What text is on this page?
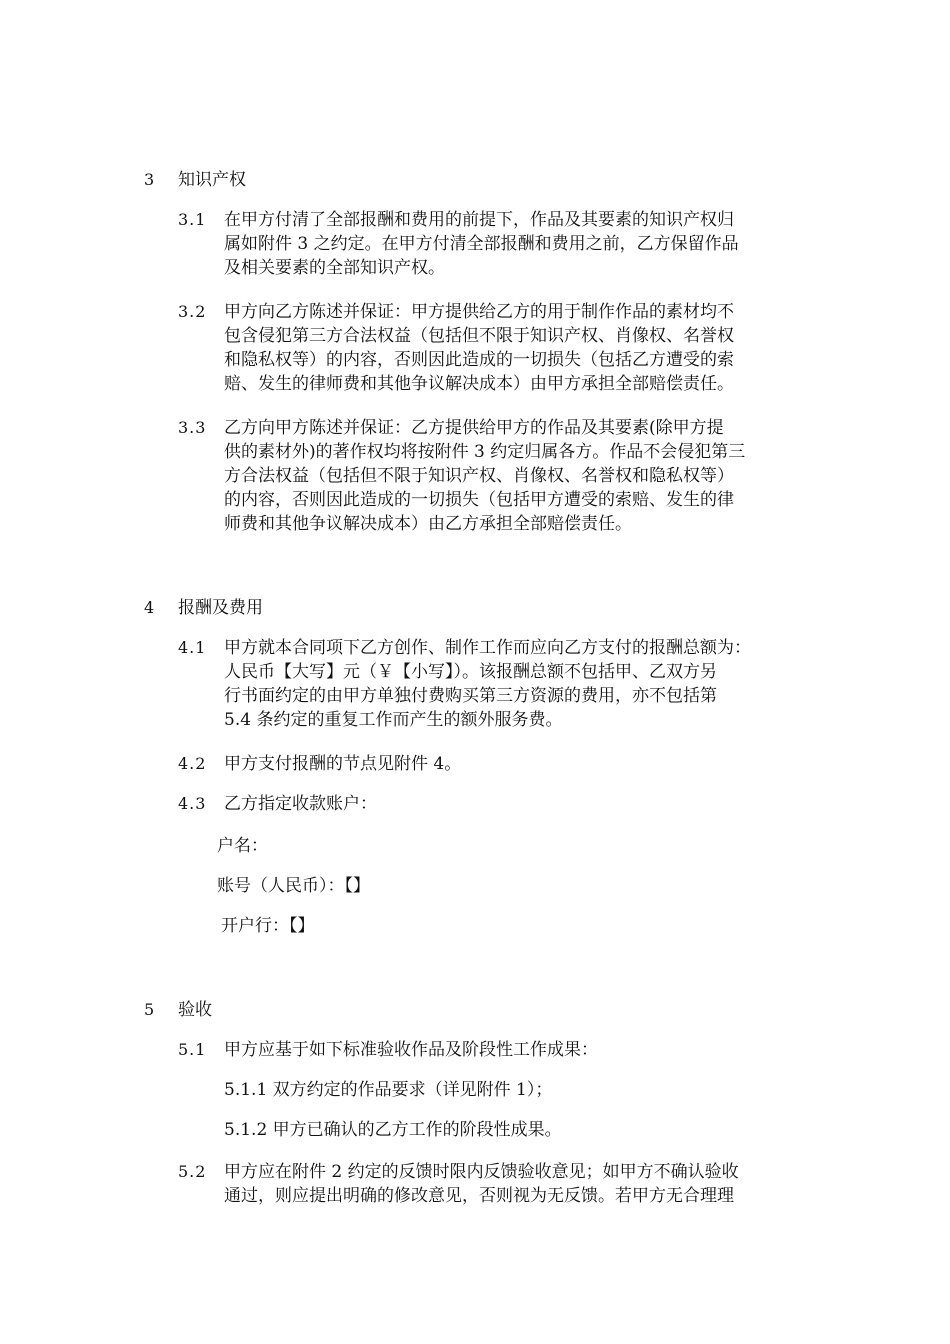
3 知识产权
3.1 在甲方付清了全部报酬和费用的前提下，作品及其要素的知识产权归
属如附件 3 之约定。在甲方付清全部报酬和费用之前，乙方保留作品
及相关要素的全部知识产权。
3.2 甲方向乙方陈述并保证：甲方提供给乙方的用于制作作品的素材均不
包含侵犯第三方合法权益（包括但不限于知识产权、肖像权、名誉权
和隐私权等）的内容，否则因此造成的一切损失（包括乙方遭受的索
赔、发生的律师费和其他争议解决成本）由甲方承担全部赔偿责任。
3.3 乙方向甲方陈述并保证：乙方提供给甲方的作品及其要素(除甲方提
供的素材外)的著作权均将按附件 3 约定归属各方。作品不会侵犯第三
方合法权益（包括但不限于知识产权、肖像权、名誉权和隐私权等）
的内容，否则因此造成的一切损失（包括甲方遭受的索赔、发生的律
师费和其他争议解决成本）由乙方承担全部赔偿责任。
4 报酬及费用
4.1 甲方就本合同项下乙方创作、制作工作而应向乙方支付的报酬总额为：
人民币【大写】元（￥【小写】）。该报酬总额不包括甲、乙双方另
行书面约定的由甲方单独付费购买第三方资源的费用，亦不包括第
5.4 条约定的重复工作而产生的额外服务费。
4.2 甲方支付报酬的节点见附件 4。
4.3 乙方指定收款账户：
户名：
账号（人民币）：【】
开户行：【】
5 验收
5.1 甲方应基于如下标准验收作品及阶段性工作成果：
5.1.1 双方约定的作品要求（详见附件 1）；
5.1.2 甲方已确认的乙方工作的阶段性成果。
5.2 甲方应在附件 2 约定的反馈时限内反馈验收意见；如甲方不确认验收
通过，则应提出明确的修改意见，否则视为无反馈。若甲方无合理理
